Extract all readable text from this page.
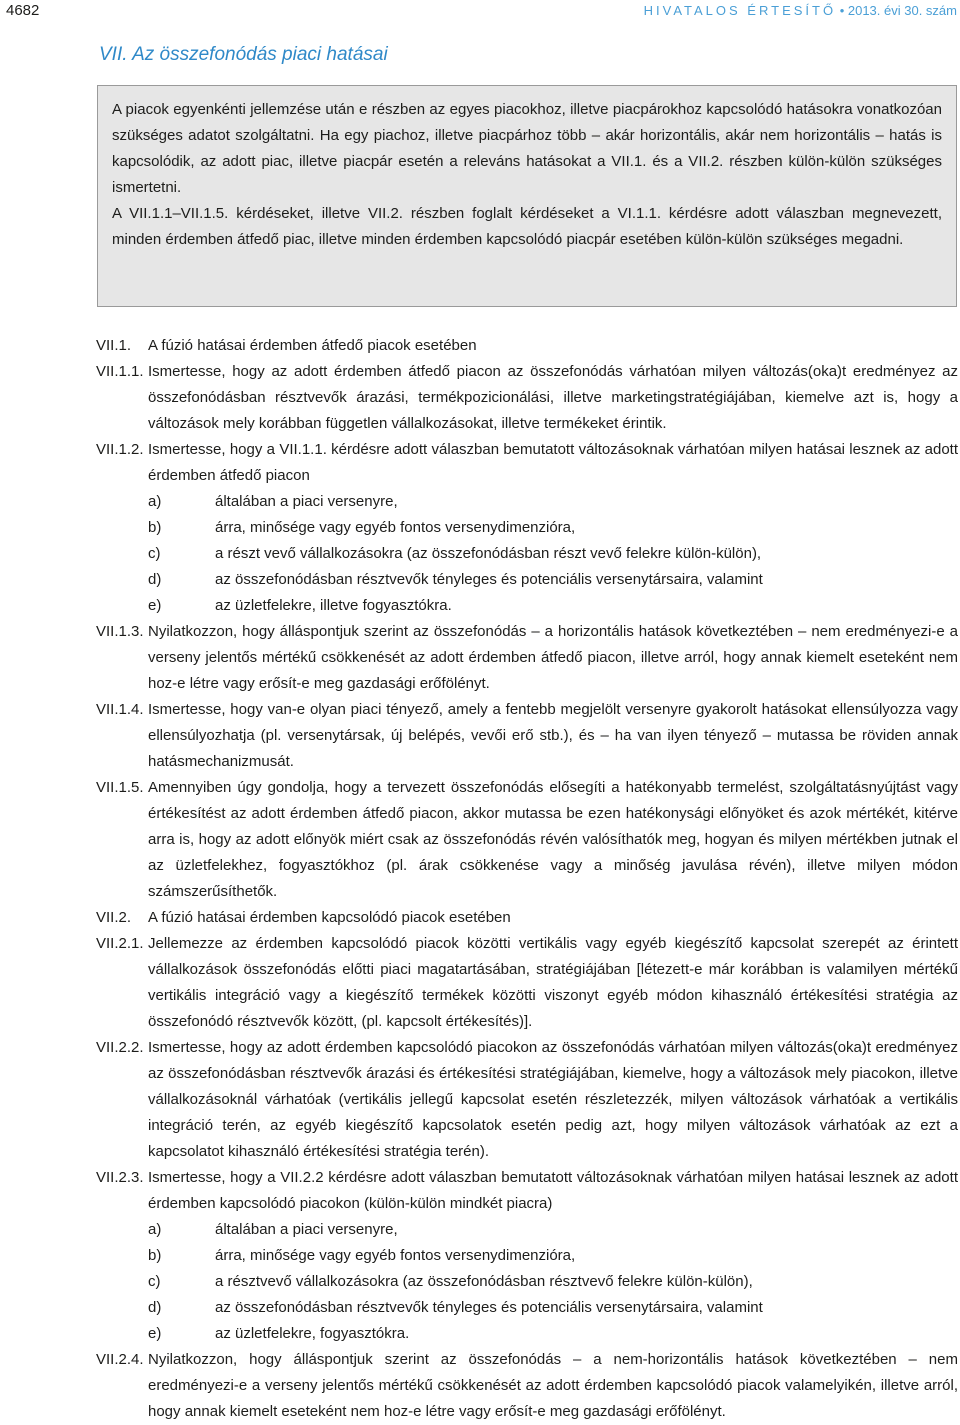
4682	HIVATALOS ÉRTESÍTŐ • 2013. évi 30. szám
VII. Az összefonódás piaci hatásai

A piacok egyenkénti jellemzése után e részben az egyes piacokhoz, illetve piacpárokhoz kapcsolódó hatásokra vonatkozóan szükséges adatot szolgáltatni. Ha egy piachoz, illetve piacpárhoz több – akár horizontális, akár nem horizontális – hatás is kapcsolódik, az adott piac, illetve piacpár esetén a releváns hatásokat a VII.1. és a VII.2. részben külön-külön szükséges ismertetni.

A VII.1.1–VII.1.5. kérdéseket, illetve VII.2. részben foglalt kérdéseket a VI.1.1. kérdésre adott válaszban megnevezett, minden érdemben átfedő piac, illetve minden érdemben kapcsolódó piacpár esetében külön-külön szükséges megadni.

VII.1.	A fúzió hatásai érdemben átfedő piacok esetében
VII.1.1. Ismertesse, hogy az adott érdemben átfedő piacon az összefonódás várhatóan milyen változás(oka)t eredményez az összefonódásban résztvevők árazási, termékpozicionálási, illetve marketingstratégiájában, kiemelve azt is, hogy a változások mely korábban független vállalkozásokat, illetve termékeket érintik.
VII.1.2. Ismertesse, hogy a VII.1.1. kérdésre adott válaszban bemutatott változásoknak várhatóan milyen hatásai lesznek az adott érdemben átfedő piacon
a)	általában a piaci versenyre,
b)	árra, minősége vagy egyéb fontos versenydimenzióra,
c)	a részt vevő vállalkozásokra (az összefonódásban részt vevő felekre külön-külön),
d)	az összefonódásban résztvevők tényleges és potenciális versenytársaira, valamint
e)	az üzletfelekre, illetve fogyasztókra.
VII.1.3. Nyilatkozzon, hogy álláspontjuk szerint az összefonódás – a horizontális hatások következtében – nem eredményezi-e a verseny jelentős mértékű csökkenését az adott érdemben átfedő piacon, illetve arról, hogy annak kiemelt eseteként nem hoz-e létre vagy erősít-e meg gazdasági erőfölényt.
VII.1.4. Ismertesse, hogy van-e olyan piaci tényező, amely a fentebb megjelölt versenyre gyakorolt hatásokat ellensúlyozza vagy ellensúlyozhatja (pl. versenytársak, új belépés, vevői erő stb.), és – ha van ilyen tényező – mutassa be röviden annak hatásmechanizmusát.
VII.1.5. Amennyiben úgy gondolja, hogy a tervezett összefonódás elősegíti a hatékonyabb termelést, szolgáltatásnyújtást vagy értékesítést az adott érdemben átfedő piacon, akkor mutassa be ezen hatékonysági előnyöket és azok mértékét, kitérve arra is, hogy az adott előnyök miért csak az összefonódás révén valósíthatók meg, hogyan és milyen mértékben jutnak el az üzletfelekhez, fogyasztókhoz (pl. árak csökkenése vagy a minőség javulása révén), illetve milyen módon számszerűsíthetők.
VII.2.	A fúzió hatásai érdemben kapcsolódó piacok esetében
VII.2.1. Jellemezze az érdemben kapcsolódó piacok közötti vertikális vagy egyéb kiegészítő kapcsolat szerepét az érintett vállalkozások összefonódás előtti piaci magatartásában, stratégiájában [létezett-e már korábban is valamilyen mértékű vertikális integráció vagy a kiegészítő termékek közötti viszonyt egyéb módon kihasználó értékesítési stratégia az összefonódó résztvevők között, (pl. kapcsolt értékesítés)].
VII.2.2. Ismertesse, hogy az adott érdemben kapcsolódó piacokon az összefonódás várhatóan milyen változás(oka)t eredményez az összefonódásban résztvevők árazási és értékesítési stratégiájában, kiemelve, hogy a változások mely piacokon, illetve vállalkozásoknál várhatóak (vertikális jellegű kapcsolat esetén részletezzék, milyen változások várhatóak a vertikális integráció terén, az egyéb kiegészítő kapcsolatok esetén pedig azt, hogy milyen változások várhatóak az ezt a kapcsolatot kihasználó értékesítési stratégia terén).
VII.2.3. Ismertesse, hogy a VII.2.2 kérdésre adott válaszban bemutatott változásoknak várhatóan milyen hatásai lesznek az adott érdemben kapcsolódó piacokon (külön-külön mindkét piacra)
a)	általában a piaci versenyre,
b)	árra, minősége vagy egyéb fontos versenydimenzióra,
c)	a résztvevő vállalkozásokra (az összefonódásban résztvevő felekre külön-külön),
d)	az összefonódásban résztvevők tényleges és potenciális versenytársaira, valamint
e)	az üzletfelekre, fogyasztókra.
VII.2.4. Nyilatkozzon, hogy álláspontjuk szerint az összefonódás – a nem-horizontális hatások következtében – nem eredményezi-e a verseny jelentős mértékű csökkenését az adott érdemben kapcsolódó piacok valamelyikén, illetve arról, hogy annak kiemelt eseteként nem hoz-e létre vagy erősít-e meg gazdasági erőfölényt.
